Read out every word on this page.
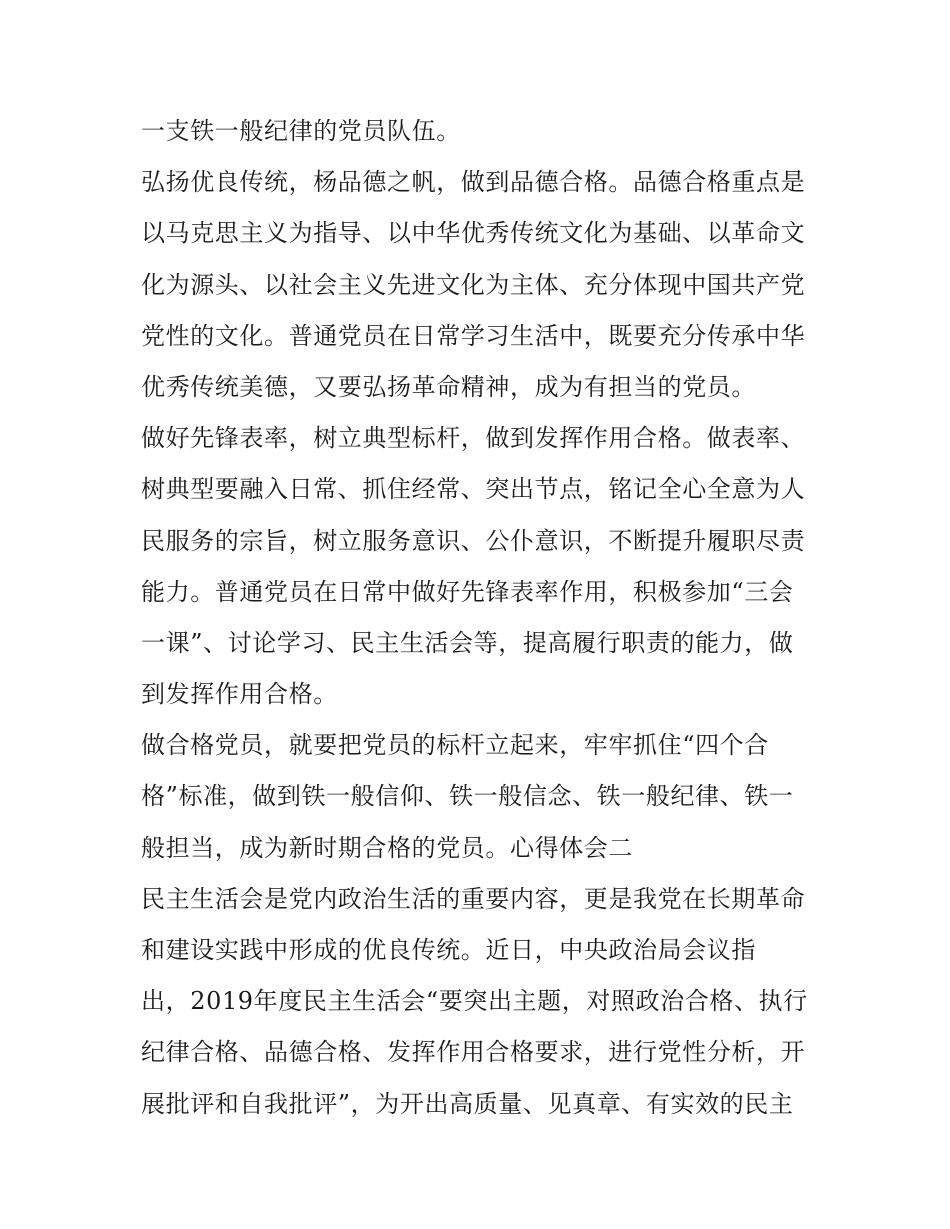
一支铁一般纪律的党员队伍。
弘扬优良传统，杨品德之帆，做到品德合格。品德合格重点是
以马克思主义为指导、以中华优秀传统文化为基础、以革命文
化为源头、以社会主义先进文化为主体、充分体现中国共产党
党性的文化。普通党员在日常学习生活中，既要充分传承中华
优秀传统美德，又要弘扬革命精神，成为有担当的党员。
做好先锋表率，树立典型标杆，做到发挥作用合格。做表率、
树典型要融入日常、抓住经常、突出节点，铭记全心全意为人
民服务的宗旨，树立服务意识、公仆意识，不断提升履职尽责
能力。普通党员在日常中做好先锋表率作用，积极参加“三会
一课”、讨论学习、民主生活会等，提高履行职责的能力，做
到发挥作用合格。
做合格党员，就要把党员的标杆立起来，牢牢抓住“四个合
格”标准，做到铁一般信仰、铁一般信念、铁一般纪律、铁一
般担当，成为新时期合格的党员。心得体会二
民主生活会是党内政治生活的重要内容，更是我党在长期革命
和建设实践中形成的优良传统。近日，中央政治局会议指
出，2019年度民主生活会“要突出主题，对照政治合格、执行
纪律合格、品德合格、发挥作用合格要求，进行党性分析，开
展批评和自我批评”，为开出高质量、见真章、有实效的民主
